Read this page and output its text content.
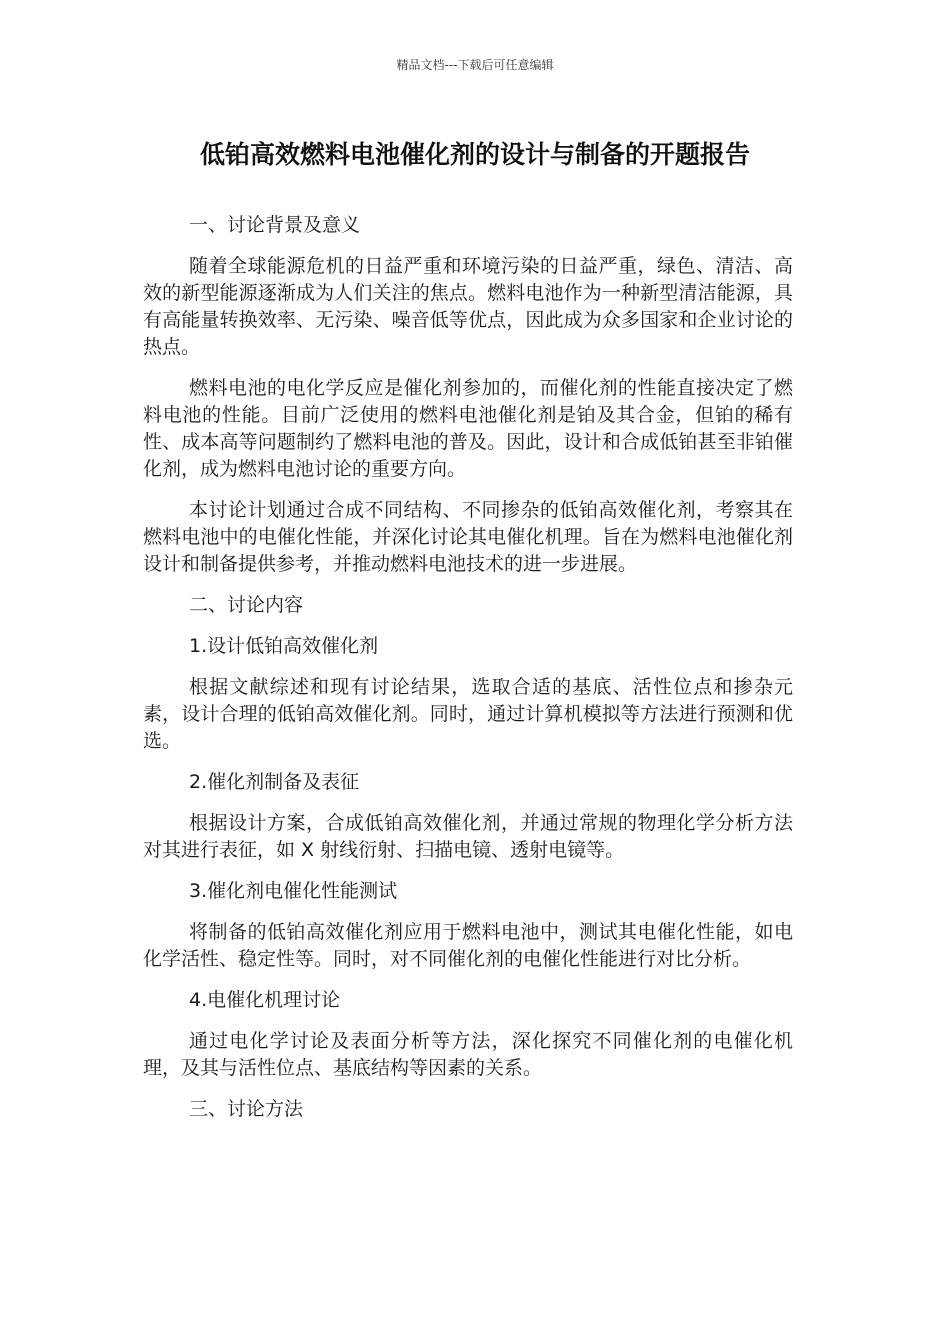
精品文档---下载后可任意编辑
低铂高效燃料电池催化剂的设计与制备的开题报告

一、讨论背景及意义

随着全球能源危机的日益严重和环境污染的日益严重，绿色、清洁、高效的新型能源逐渐成为人们关注的焦点。燃料电池作为一种新型清洁能源，具有高能量转换效率、无污染、噪音低等优点，因此成为众多国家和企业讨论的热点。

燃料电池的电化学反应是催化剂参加的，而催化剂的性能直接决定了燃料电池的性能。目前广泛使用的燃料电池催化剂是铂及其合金，但铂的稀有性、成本高等问题制约了燃料电池的普及。因此，设计和合成低铂甚至非铂催化剂，成为燃料电池讨论的重要方向。

本讨论计划通过合成不同结构、不同掺杂的低铂高效催化剂，考察其在燃料电池中的电催化性能，并深化讨论其电催化机理。旨在为燃料电池催化剂设计和制备提供参考，并推动燃料电池技术的进一步进展。

二、讨论内容

1.设计低铂高效催化剂

根据文献综述和现有讨论结果，选取合适的基底、活性位点和掺杂元素，设计合理的低铂高效催化剂。同时，通过计算机模拟等方法进行预测和优选。

2.催化剂制备及表征

根据设计方案，合成低铂高效催化剂，并通过常规的物理化学分析方法对其进行表征，如 X 射线衍射、扫描电镜、透射电镜等。

3.催化剂电催化性能测试

将制备的低铂高效催化剂应用于燃料电池中，测试其电催化性能，如电化学活性、稳定性等。同时，对不同催化剂的电催化性能进行对比分析。

4.电催化机理讨论

通过电化学讨论及表面分析等方法，深化探究不同催化剂的电催化机理，及其与活性位点、基底结构等因素的关系。

三、讨论方法
